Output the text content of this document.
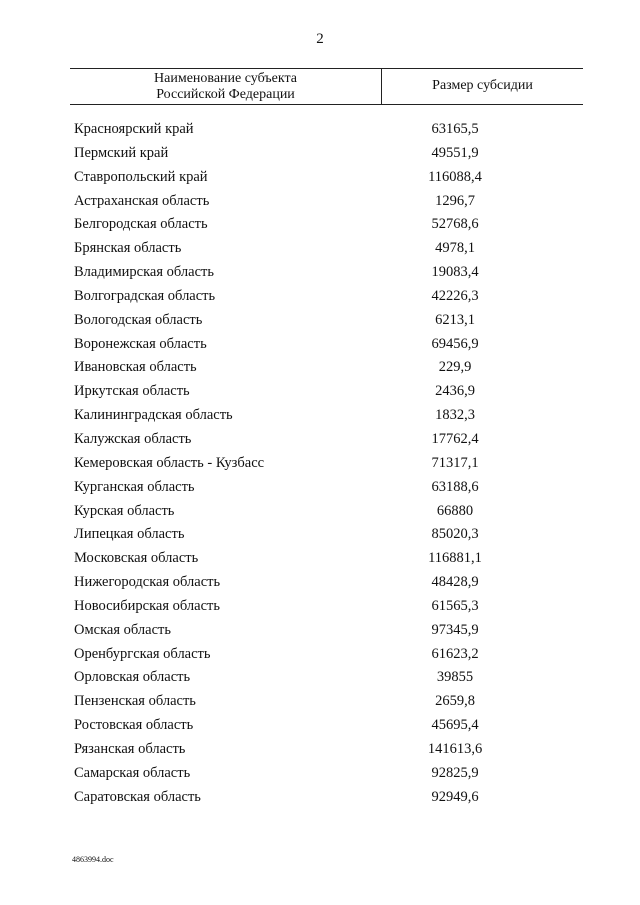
2
Наименование субъекта
Российской Федерации
Размер субсидии
Красноярский край	63165,5
Пермский край	49551,9
Ставропольский край	116088,4
Астраханская область	1296,7
Белгородская область	52768,6
Брянская область	4978,1
Владимирская область	19083,4
Волгоградская область	42226,3
Вологодская область	6213,1
Воронежская область	69456,9
Ивановская область	229,9
Иркутская область	2436,9
Калининградская область	1832,3
Калужская область	17762,4
Кемеровская область - Кузбасс	71317,1
Курганская область	63188,6
Курская область	66880
Липецкая область	85020,3
Московская область	116881,1
Нижегородская область	48428,9
Новосибирская область	61565,3
Омская область	97345,9
Оренбургская область	61623,2
Орловская область	39855
Пензенская область	2659,8
Ростовская область	45695,4
Рязанская область	141613,6
Самарская область	92825,9
Саратовская область	92949,6
4863994.doc
